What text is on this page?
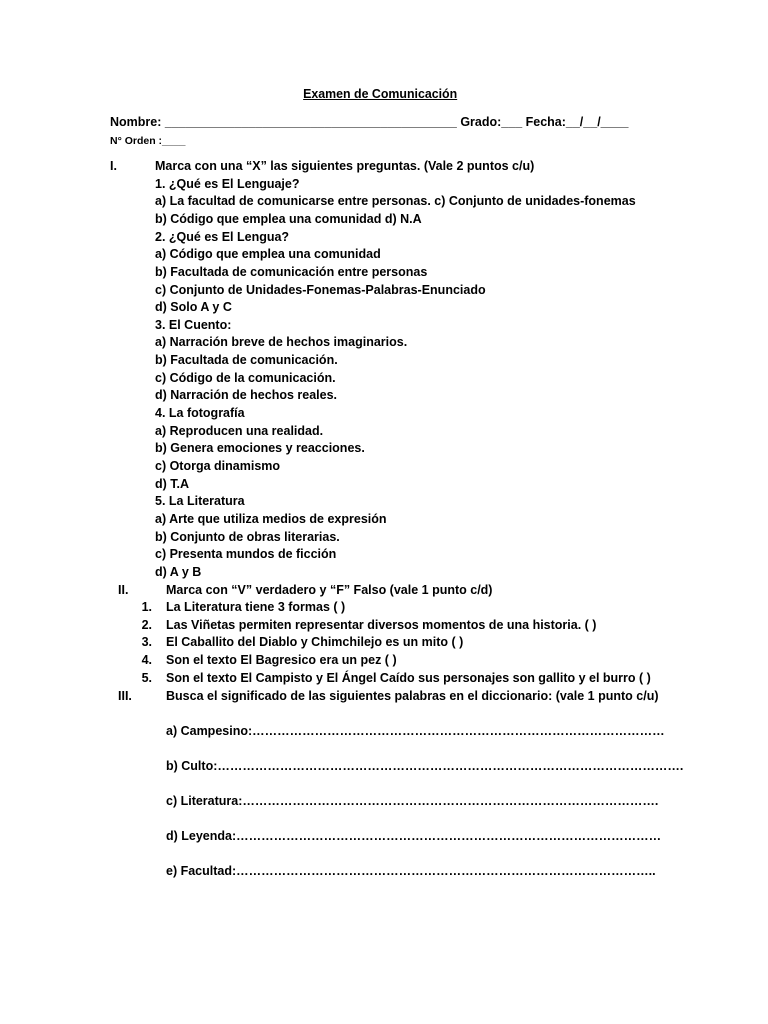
Examen de Comunicación
Nombre: __________________________________________ Grado:___ Fecha:__/__/____
N° Orden :____
I.	Marca con una “X” las siguientes preguntas. (Vale 2 puntos c/u)
1. ¿Qué es El Lenguaje?
a) La facultad de comunicarse entre personas. c) Conjunto de unidades-fonemas
b) Código que emplea una comunidad d) N.A
2. ¿Qué es El Lengua?
a) Código que emplea una comunidad
b) Facultada de comunicación entre personas
c) Conjunto de Unidades-Fonemas-Palabras-Enunciado
d) Solo A y C
3. El Cuento:
a) Narración breve de hechos imaginarios.
b) Facultada de comunicación.
c) Código de la comunicación.
d) Narración de hechos reales.
4. La fotografía
a) Reproducen una realidad.
b) Genera emociones y reacciones.
c) Otorga dinamismo
d) T.A
5. La Literatura
a) Arte que utiliza medios de expresión
b) Conjunto de obras literarias.
c) Presenta mundos de ficción
d) A y B
II.	Marca con “V” verdadero y “F” Falso (vale 1 punto c/d)
1. La Literatura tiene 3 formas ( )
2. Las Viñetas permiten representar diversos momentos de una historia. ( )
3. El Caballito del Diablo y Chimchilejo es un mito ( )
4. Son el texto El Bagresico era un pez ( )
5. Son el texto El Campisto y El Ángel Caído sus personajes son gallito y el burro ( )
III.	Busca el significado de las siguientes palabras en el diccionario: (vale 1 punto c/u)
a) Campesino:………………………………………………………………………………………
b) Culto:………………………………………………………………………………………………….
c) Literatura:……………………………………………………………………………………….
d) Leyenda:…………………………………………………………………………………………
e) Facultad:………………………………………………………………………………………..
